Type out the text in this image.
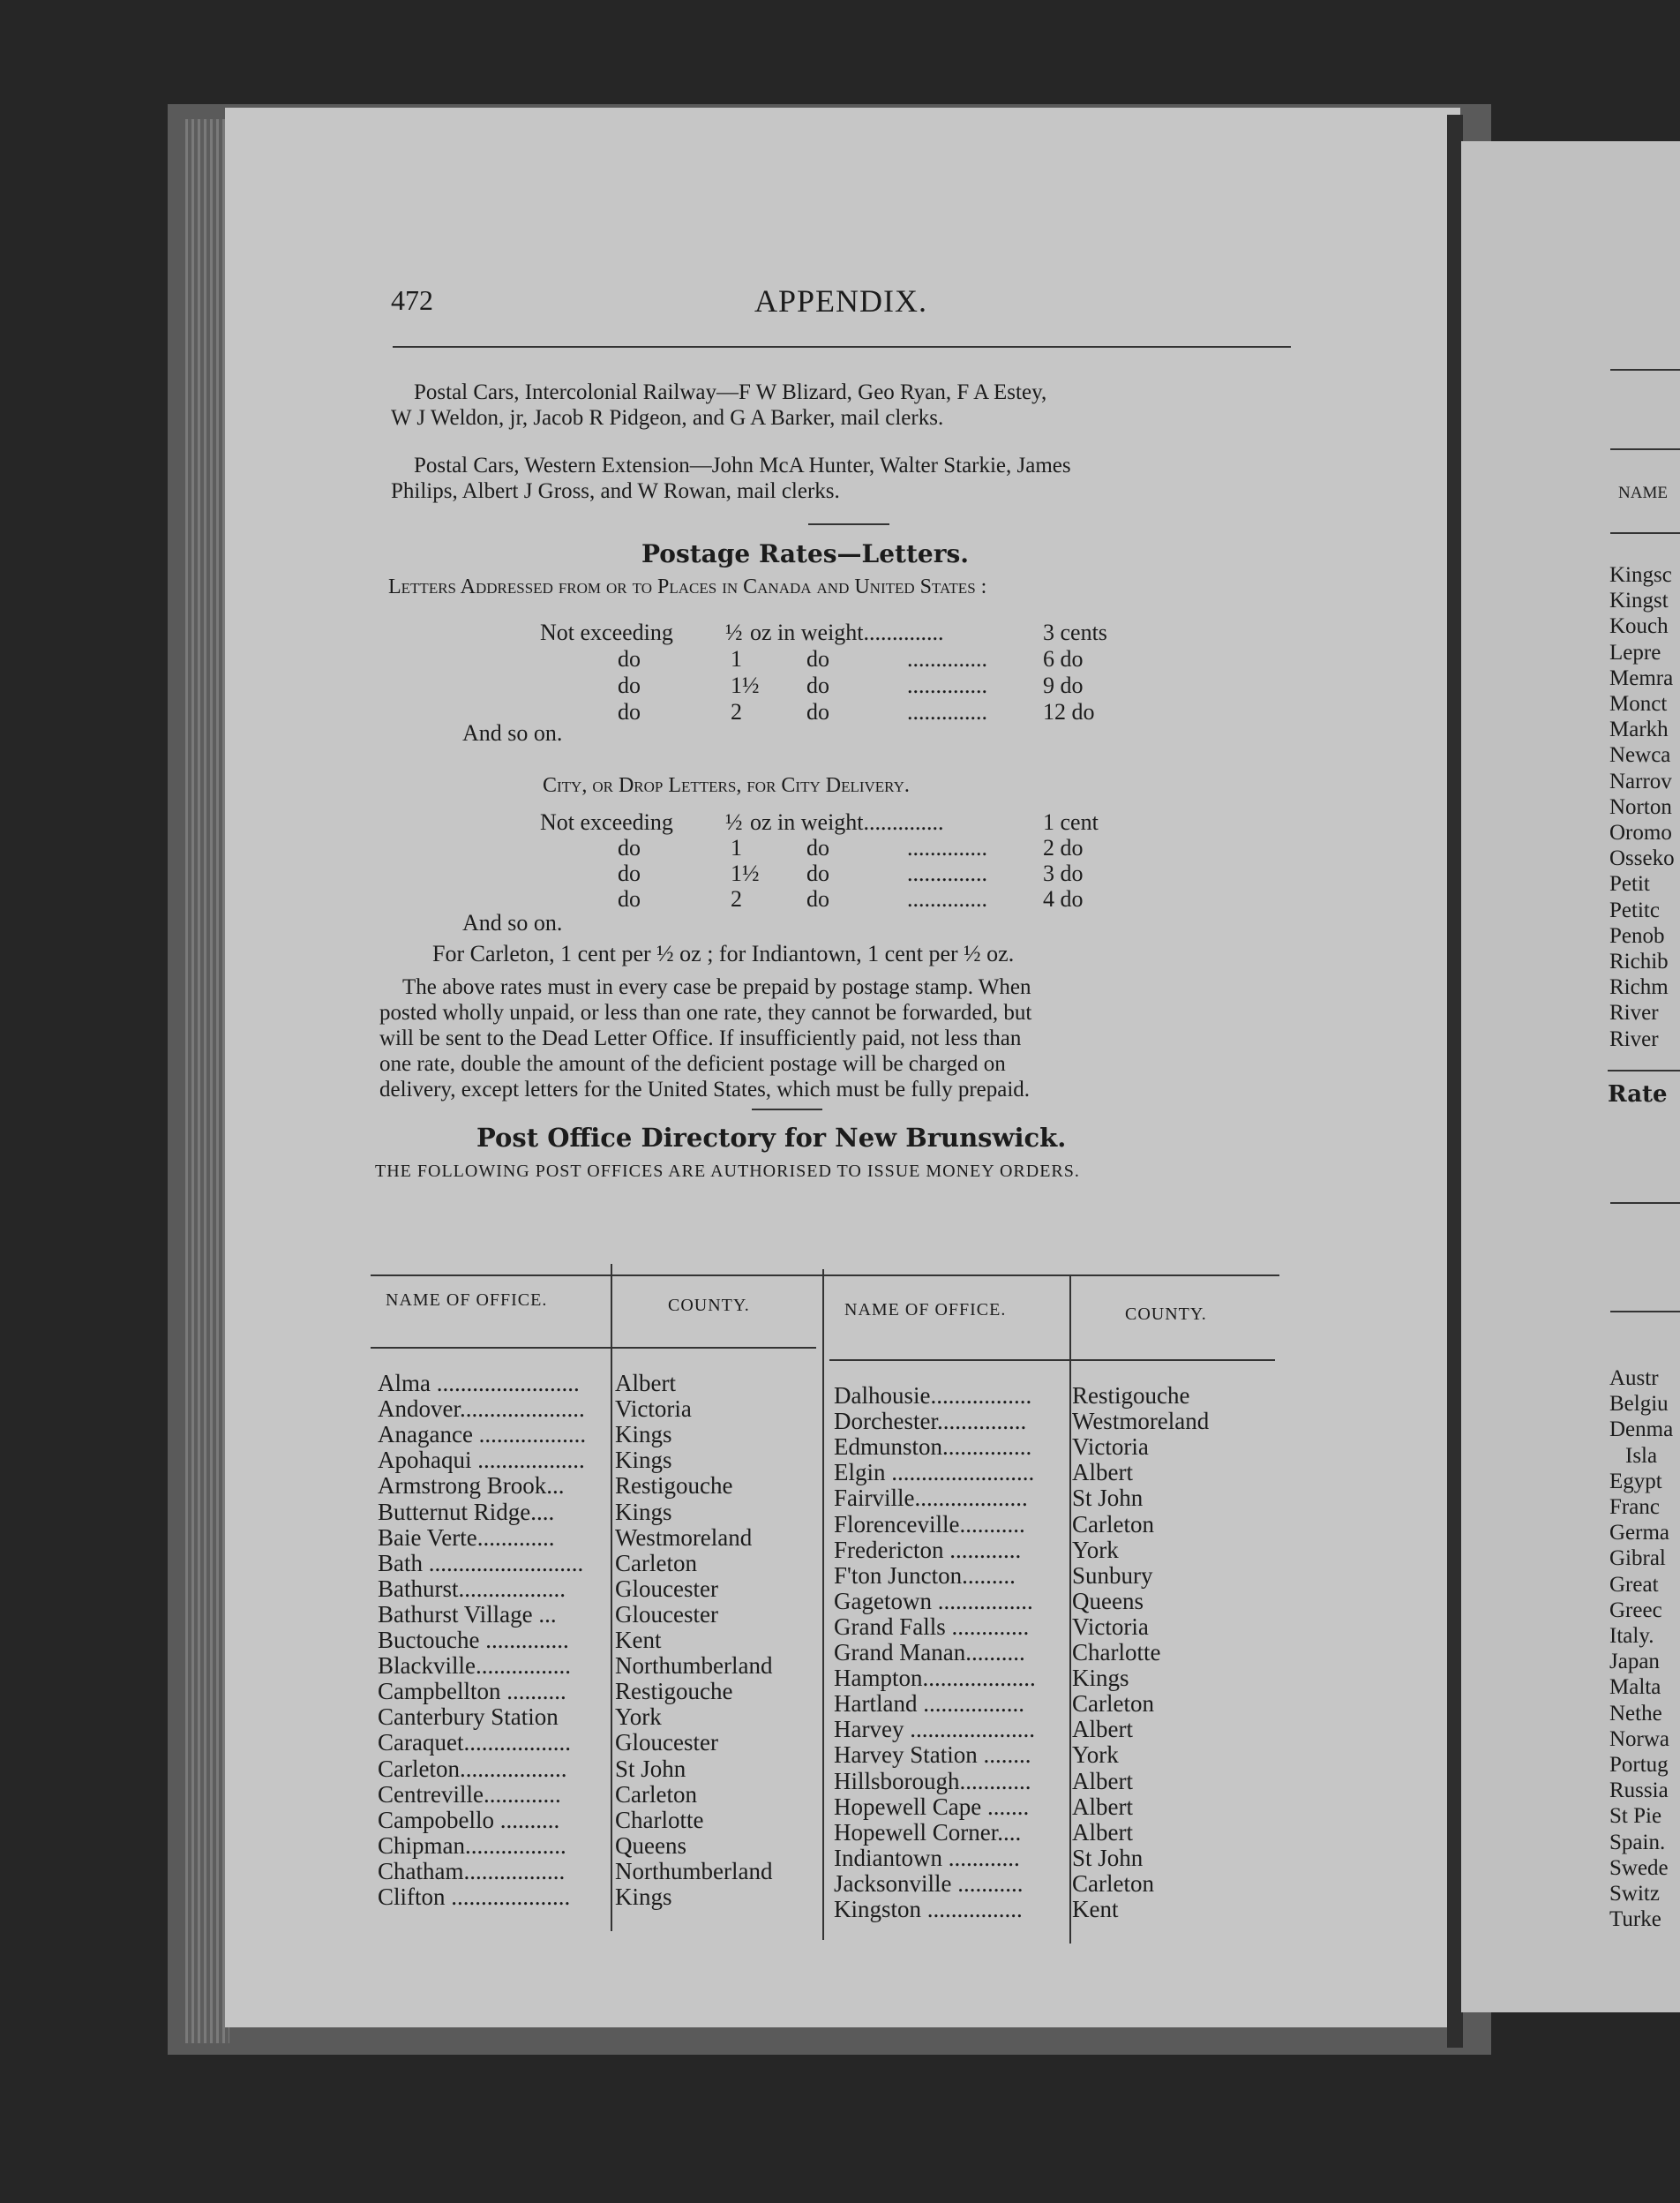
472	APPENDIX.
Postal Cars, Intercolonial Railway—F W Blizard, Geo Ryan, F A Estey,
W J Weldon, jr, Jacob R Pidgeon, and G A Barker, mail clerks.
Postal Cars, Western Extension—John McA Hunter, Walter Starkie, James
Philips, Albert J Gross, and W Rowan, mail clerks.
Postage Rates—Letters.
Letters Addressed from or to Places in Canada and United States :
Not exceeding ½ oz in weight..............	3 cents
do	1	do	.............. 6 do
do	1½ do	.............. 9 do
do	2	do	.............. 12 do
And so on.
City, or Drop Letters, for City Delivery.
Not exceeding ½ oz in weight..............	1 cent
do	1	do	.............. 2 do
do	1½ do	.............. 3 do
do	2	do	.............. 4 do
And so on.
For Carleton, 1 cent per ½ oz ; for Indiantown, 1 cent per ½ oz.
The above rates must in every case be prepaid by postage stamp. When
posted wholly unpaid, or less than one rate, they cannot be forwarded, but
will be sent to the Dead Letter Office. If insufficiently paid, not less than
one rate, double the amount of the deficient postage will be charged on
delivery, except letters for the United States, which must be fully prepaid.
Post Office Directory for New Brunswick.
THE FOLLOWING POST OFFICES ARE AUTHORISED TO ISSUE MONEY ORDERS.
NAME OF OFFICE.	COUNTY.	NAME OF OFFICE.	COUNTY.
Alma ........................ Albert
Andover..................... Victoria
Anagance .................. Kings
Apohaqui .................. Kings
Armstrong Brook... Restigouche
Butternut Ridge....	Kings
Baie Verte.............	Westmoreland
Bath .......................... Carleton
Bathurst.................. Gloucester
Bathurst Village ... Gloucester
Buctouche .............. Kent
Blackville................ Northumberland
Campbellton .......... Restigouche
Canterbury Station York
Caraquet.................. Gloucester
Carleton.................. St John
Centreville............. Carleton
Campobello .......... Charlotte
Chipman................. Queens
Chatham................. Northumberland
Clifton .................... Kings
Dalhousie................. Restigouche
Dorchester............... Westmoreland
Edmunston............... Victoria
Elgin ........................ Albert
Fairville................... St John
Florenceville........... Carleton
Fredericton ............ York
F'ton Juncton......... Sunbury
Gagetown ................ Queens
Grand Falls ............. Victoria
Grand Manan.......... Charlotte
Hampton................... Kings
Hartland ................. Carleton
Harvey ..................... Albert
Harvey Station ........ York
Hillsborough............ Albert
Hopewell Cape ....... Albert
Hopewell Corner.... Albert
Indiantown ............ St John
Jacksonville ........... Carleton
Kingston ................ Kent
NAME
Kingsc
Kingst
Kouch
Lepre
Memra
Monct
Markh
Newca
Narrov
Norton
Oromo
Osseko
Petit
Petitc
Penob
Richib
Richm
River
River
Rate
Austr
Belgiu
Denma
Isla
Egypt
Franc
Germa
Gibral
Great
Greec
Italy.
Japan
Malta
Nethe
Norwa
Portug
Russia
St Pie
Spain.
Swede
Switz
Turke
